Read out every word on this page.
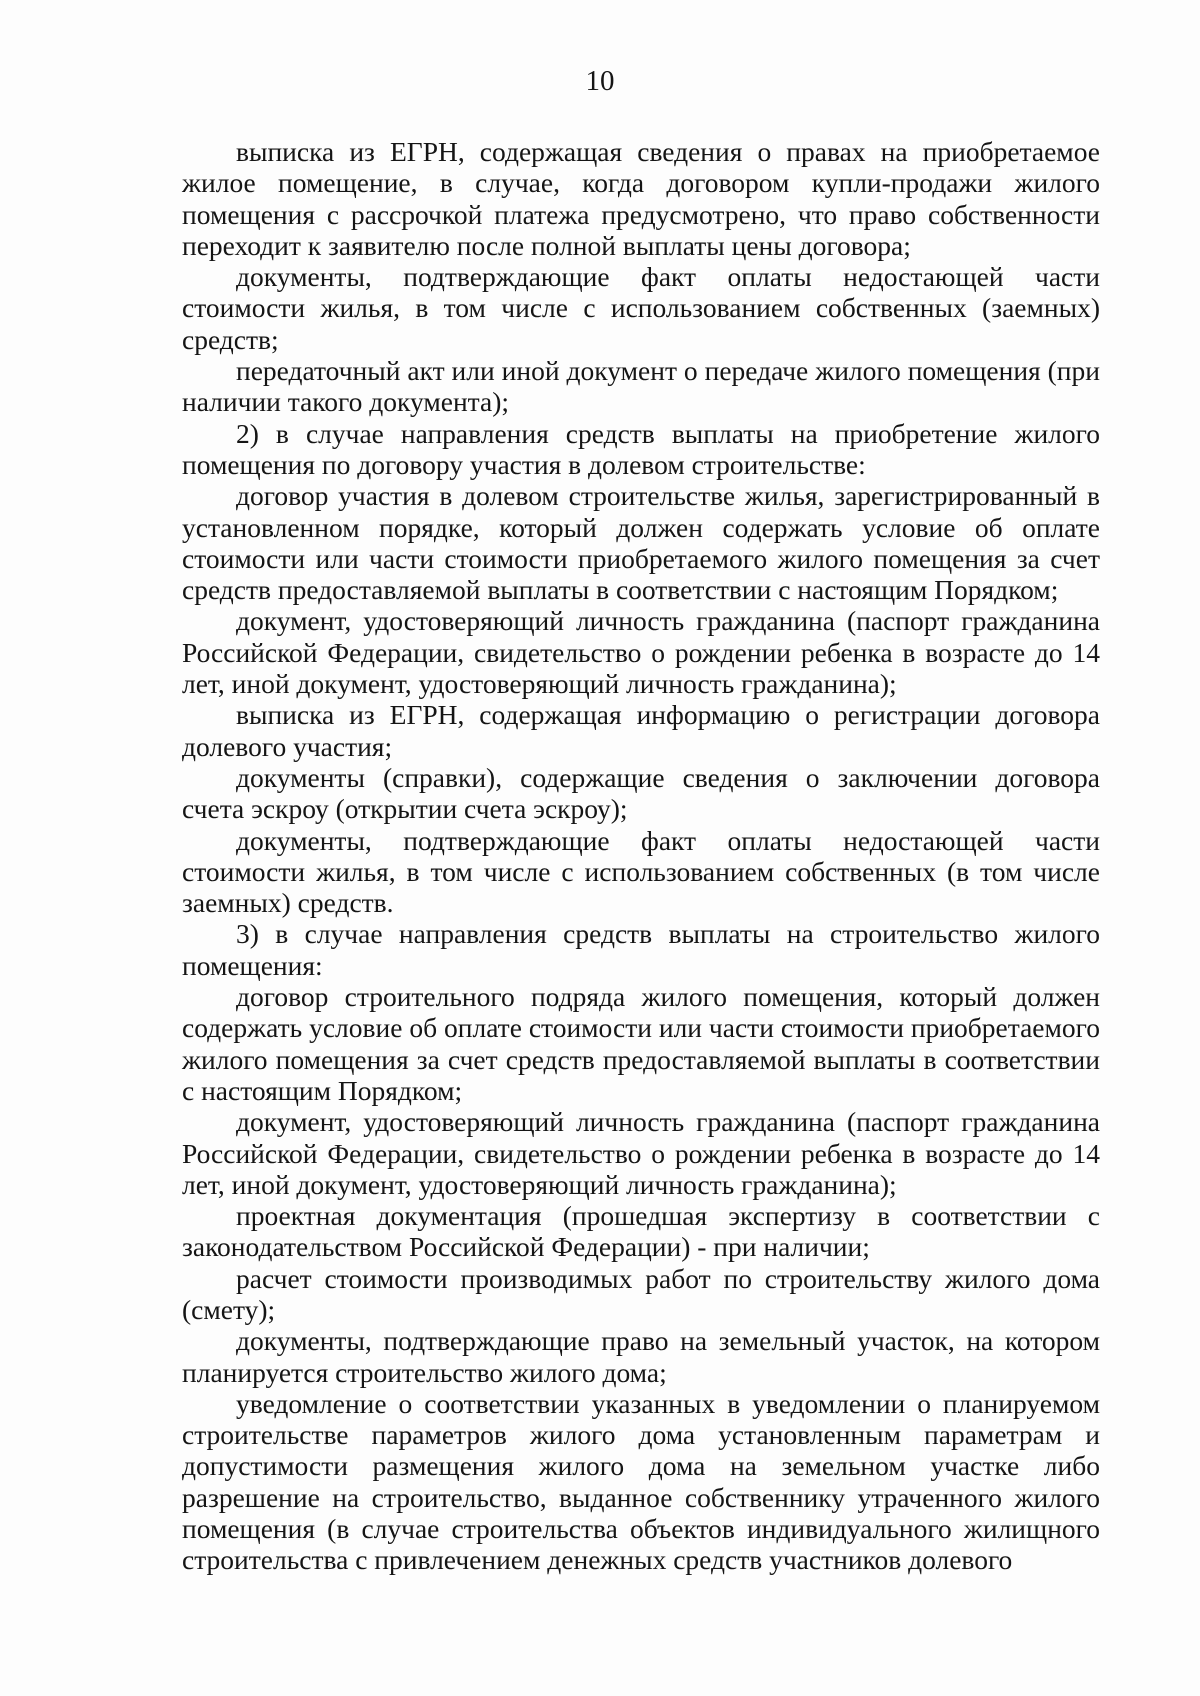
10

выписка из ЕГРН, содержащая сведения о правах на приобретаемое жилое помещение, в случае, когда договором купли-продажи жилого помещения с рассрочкой платежа предусмотрено, что право собственности переходит к заявителю после полной выплаты цены договора;

документы, подтверждающие факт оплаты недостающей части стоимости жилья, в том числе с использованием собственных (заемных) средств;

передаточный акт или иной документ о передаче жилого помещения (при наличии такого документа);

2) в случае направления средств выплаты на приобретение жилого помещения по договору участия в долевом строительстве:

договор участия в долевом строительстве жилья, зарегистрированный в установленном порядке, который должен содержать условие об оплате стоимости или части стоимости приобретаемого жилого помещения за счет средств предоставляемой выплаты в соответствии с настоящим Порядком;

документ, удостоверяющий личность гражданина (паспорт гражданина Российской Федерации, свидетельство о рождении ребенка в возрасте до 14 лет, иной документ, удостоверяющий личность гражданина);

выписка из ЕГРН, содержащая информацию о регистрации договора долевого участия;

документы (справки), содержащие сведения о заключении договора счета эскроу (открытии счета эскроу);

документы, подтверждающие факт оплаты недостающей части стоимости жилья, в том числе с использованием собственных (в том числе заемных) средств.

3) в случае направления средств выплаты на строительство жилого помещения:

договор строительного подряда жилого помещения, который должен содержать условие об оплате стоимости или части стоимости приобретаемого жилого помещения за счет средств предоставляемой выплаты в соответствии с настоящим Порядком;

документ, удостоверяющий личность гражданина (паспорт гражданина Российской Федерации, свидетельство о рождении ребенка в возрасте до 14 лет, иной документ, удостоверяющий личность гражданина);

проектная документация (прошедшая экспертизу в соответствии с законодательством Российской Федерации) - при наличии;

расчет стоимости производимых работ по строительству жилого дома (смету);

документы, подтверждающие право на земельный участок, на котором планируется строительство жилого дома;

уведомление о соответствии указанных в уведомлении о планируемом строительстве параметров жилого дома установленным параметрам и допустимости размещения жилого дома на земельном участке либо разрешение на строительство, выданное собственнику утраченного жилого помещения (в случае строительства объектов индивидуального жилищного строительства с привлечением денежных средств участников долевого
